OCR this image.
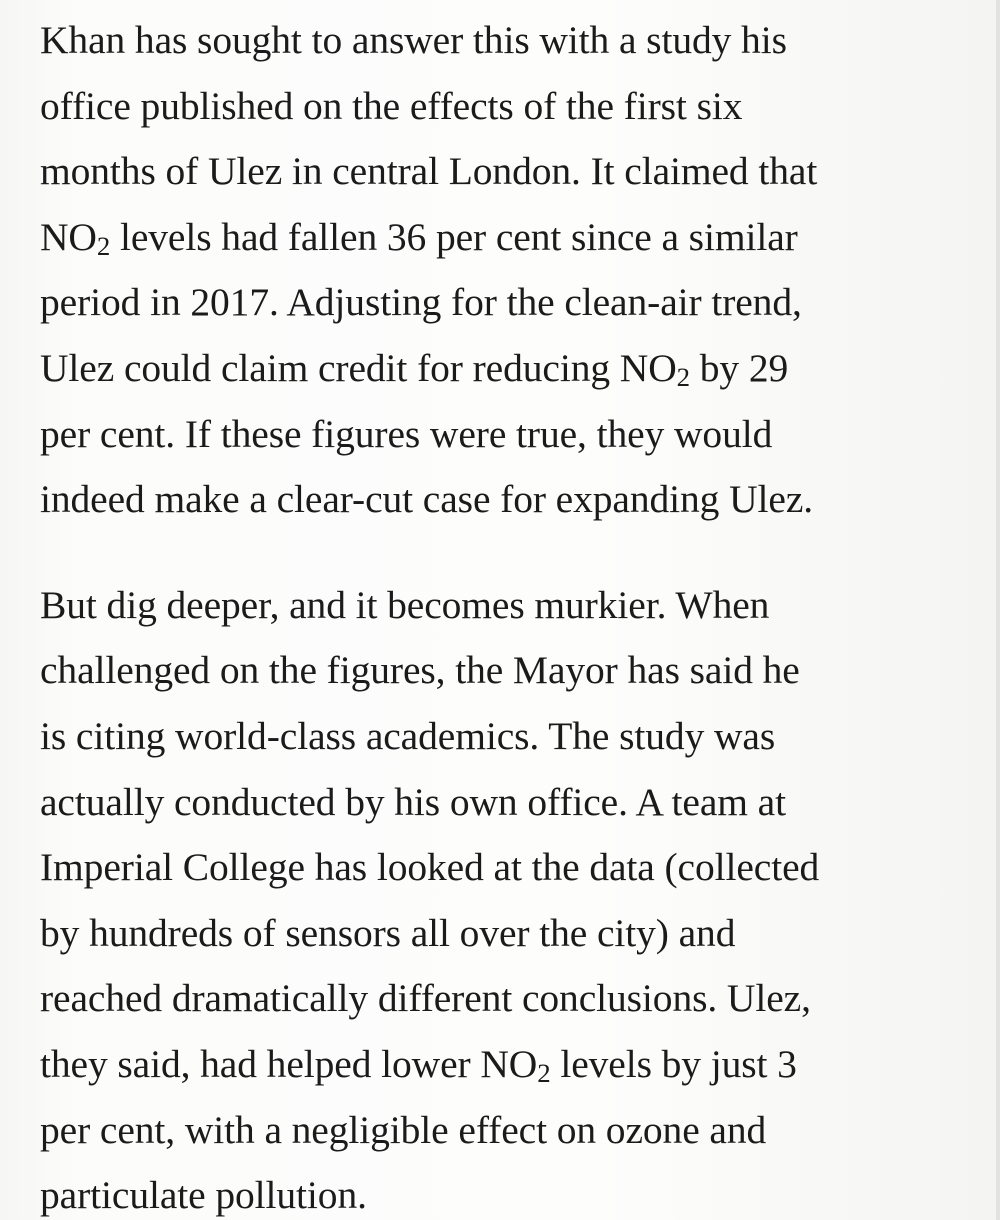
Khan has sought to answer this with a study his
office published on the effects of the first six
months of Ulez in central London. It claimed that
NO2 levels had fallen 36 per cent since a similar
period in 2017. Adjusting for the clean-air trend,
Ulez could claim credit for reducing NO2 by 29
per cent. If these figures were true, they would
indeed make a clear-cut case for expanding Ulez.

But dig deeper, and it becomes murkier. When
challenged on the figures, the Mayor has said he
is citing world-class academics. The study was
actually conducted by his own office. A team at
Imperial College has looked at the data (collected
by hundreds of sensors all over the city) and
reached dramatically different conclusions. Ulez,
they said, had helped lower NO2 levels by just 3
per cent, with a negligible effect on ozone and
particulate pollution.
